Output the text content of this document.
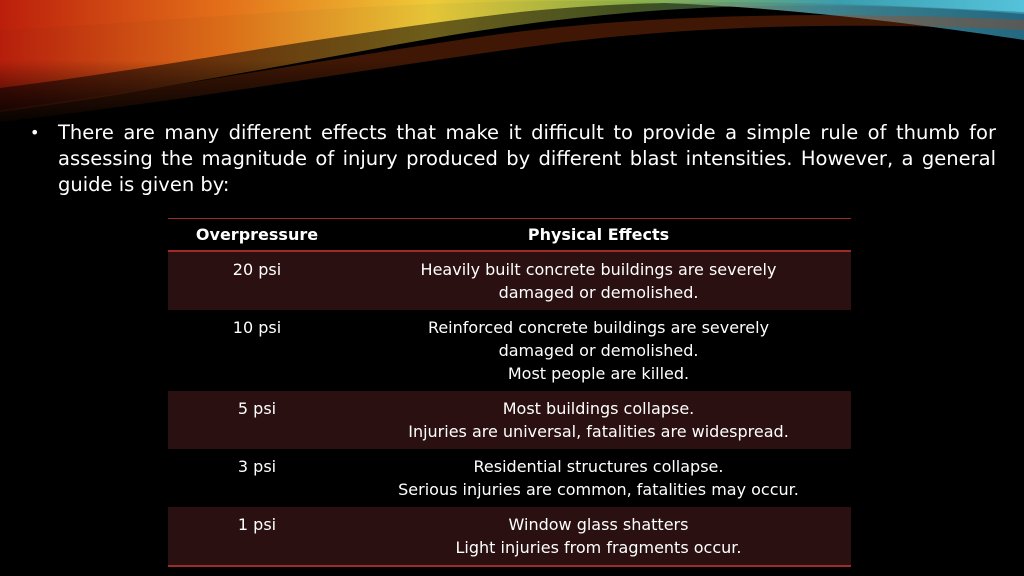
• There are many different effects that make it difficult to provide a simple rule of thumb for assessing the magnitude of injury produced by different blast intensities. However, a general guide is given by:
Overpressure	Physical Effects
20 psi	Heavily built concrete buildings are severely
damaged or demolished.

10 psi	Reinforced concrete buildings are severely
damaged or demolished.
Most people are killed.

5 psi	Most buildings collapse.
Injuries are universal, fatalities are widespread.

3 psi	Residential structures collapse.
Serious injuries are common, fatalities may occur.

1 psi	Window glass shatters
Light injuries from fragments occur.
